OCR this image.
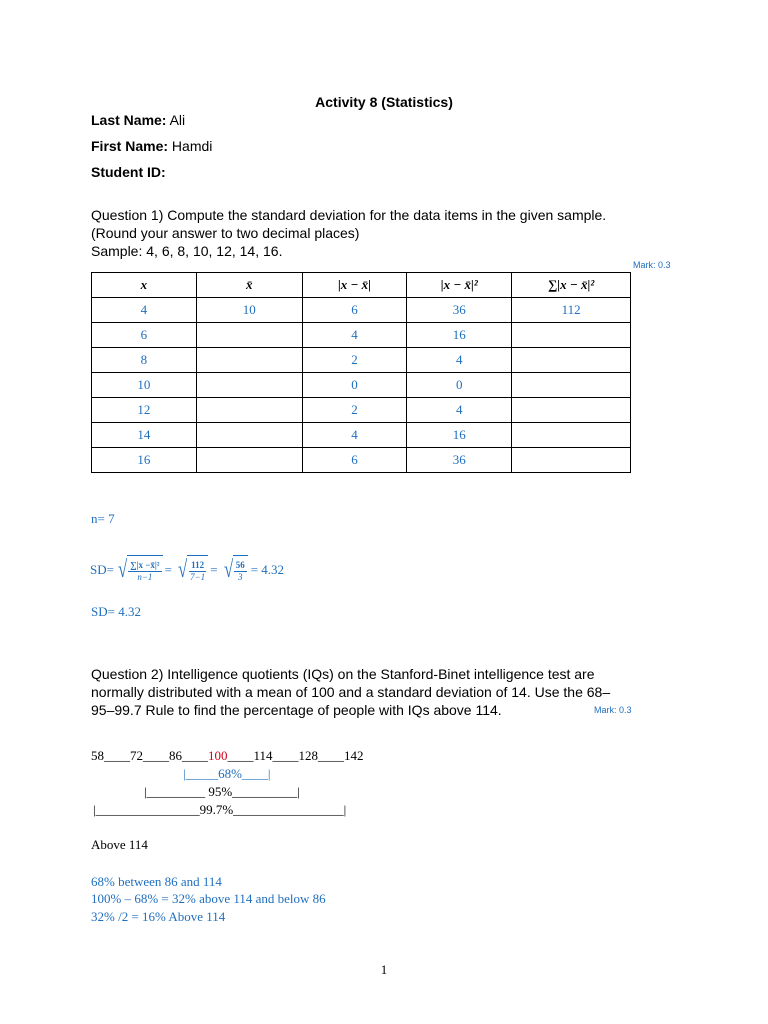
Activity 8 (Statistics)
Last Name: Ali
First Name: Hamdi
Student ID:
Question 1) Compute the standard deviation for the data items in the given sample.
(Round your answer to two decimal places)
Sample: 4, 6, 8, 10, 12, 14, 16.
Mark: 0.3
x	x̄	|x − x̄|	|x − x̄|²	∑|x − x̄|²
4	10	6	36	112
6		4	16	
8		2	4	
10		0	0	
12		2	4	
14		4	16	
16		6	36	
n= 7
SD= √ $\frac{\text{∑|x −x̄|²}}{n-1}$ = √ $\frac{112}{7-1}$ = √ $\frac{56}{3} = 4.32$
SD= 4.32
Question 2) Intelligence quotients (IQs) on the Stanford-Binet intelligence test are
normally distributed with a mean of 100 and a standard deviation of 14. Use the 68–
95–99.7 Rule to find the percentage of people with IQs above 114.	Mark: 0.3
58____72____86____100____114____128____142
|_____68%____|
|_________ 95%__________|
|________________99.7%_________________|
Above 114
68% between 86 and 114
100% – 68% = 32% above 114 and below 86
32% /2 = 16% Above 114
1
